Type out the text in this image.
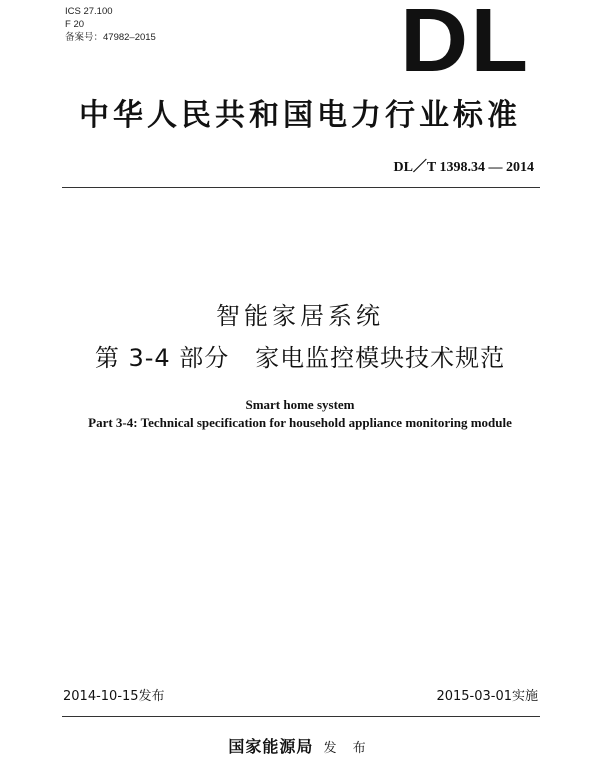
ICS 27.100
F 20
备案号：47982–2015	DL
中华人民共和国电力行业标准
DL／T 1398.34 — 2014
智能家居系统
第 3-4 部分   家电监控模块技术规范
Smart home system
Part 3-4: Technical specification for household appliance monitoring module
2014-10-15发布	2015-03-01实施
国家能源局 发 布
